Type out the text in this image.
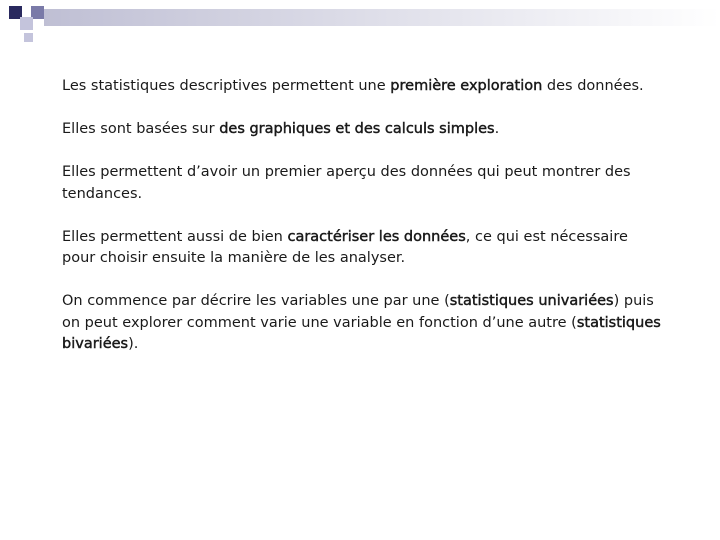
Les statistiques descriptives permettent une première exploration des données.

Elles sont basées sur des graphiques et des calculs simples.

Elles permettent d’avoir un premier aperçu des données qui peut montrer des tendances.

Elles permettent aussi de bien caractériser les données, ce qui est nécessaire pour choisir ensuite la manière de les analyser.

On commence par décrire les variables une par une (statistiques univariées) puis on peut explorer comment varie une variable en fonction d’une autre (statistiques bivariées).
